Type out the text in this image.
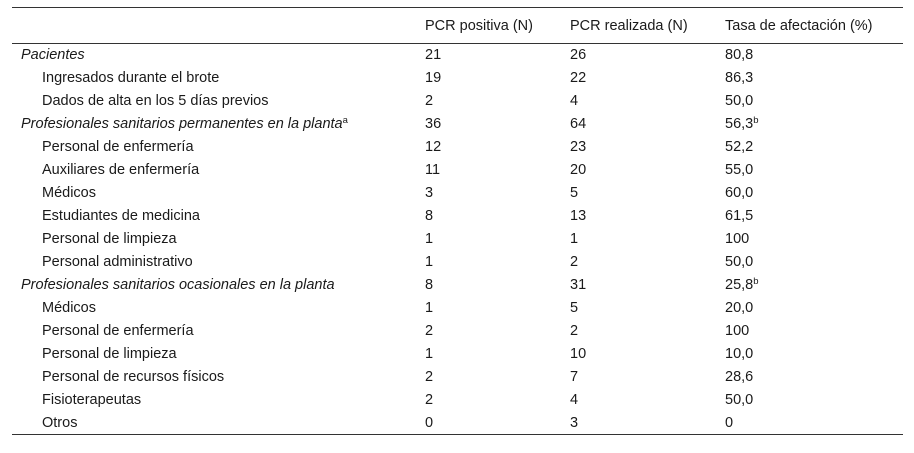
	PCR positiva (N)	PCR realizada (N)	Tasa de afectación (%)
Pacientes	21	26	80,8
Ingresados durante el brote	19	22	86,3
Dados de alta en los 5 días previos	2	4	50,0
Profesionales sanitarios permanentes en la planta$^a$	36	64	56,3$^b$
Personal de enfermería	12	23	52,2
Auxiliares de enfermería	11	20	55,0
Médicos	3	5	60,0
Estudiantes de medicina	8	13	61,5
Personal de limpieza	1	1	100
Personal administrativo	1	2	50,0
Profesionales sanitarios ocasionales en la planta	8	31	25,8$^b$
Médicos	1	5	20,0
Personal de enfermería	2	2	100
Personal de limpieza	1	10	10,0
Personal de recursos físicos	2	7	28,6
Fisioterapeutas	2	4	50,0
Otros	0	3	0
